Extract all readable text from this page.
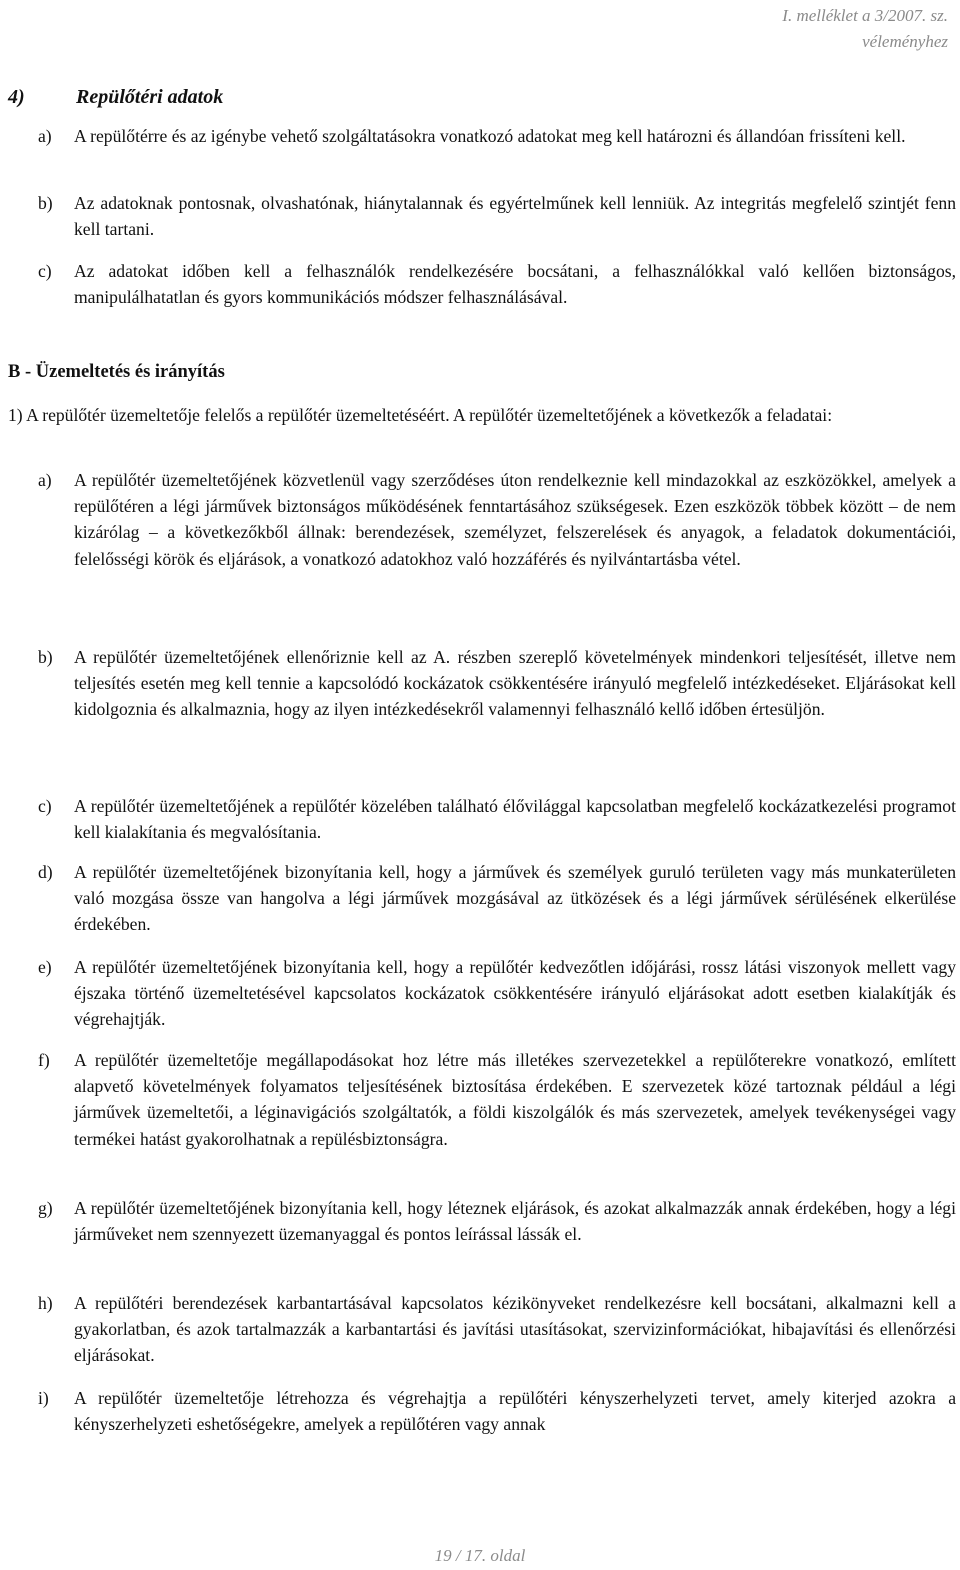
I. melléklet a 3/2007. sz.
véleményhez
4)	Repülőtéri adatok
a) A repülőtérre és az igénybe vehető szolgáltatásokra vonatkozó adatokat meg kell határozni és állandóan frissíteni kell.
b) Az adatoknak pontosnak, olvashatónak, hiánytalannak és egyértelműnek kell lenniük. Az integritás megfelelő szintjét fenn kell tartani.
c) Az adatokat időben kell a felhasználók rendelkezésére bocsátani, a felhasználókkal való kellően biztonságos, manipulálhatatlan és gyors kommunikációs módszer felhasználásával.
B - Üzemeltetés és irányítás
1) A repülőtér üzemeltetője felelős a repülőtér üzemeltetéséért. A repülőtér üzemeltetőjének a következők a feladatai:
a) A repülőtér üzemeltetőjének közvetlenül vagy szerződéses úton rendelkeznie kell mindazokkal az eszközökkel, amelyek a repülőtéren a légi járművek biztonságos működésének fenntartásához szükségesek. Ezen eszközök többek között – de nem kizárólag – a következőkből állnak: berendezések, személyzet, felszerelések és anyagok, a feladatok dokumentációi, felelősségi körök és eljárások, a vonatkozó adatokhoz való hozzáférés és nyilvántartásba vétel.
b) A repülőtér üzemeltetőjének ellenőriznie kell az A. részben szereplő követelmények mindenkori teljesítését, illetve nem teljesítés esetén meg kell tennie a kapcsolódó kockázatok csökkentésére irányuló megfelelő intézkedéseket. Eljárásokat kell kidolgoznia és alkalmaznia, hogy az ilyen intézkedésekről valamennyi felhasználó kellő időben értesüljön.
c) A repülőtér üzemeltetőjének a repülőtér közelében található élővilággal kapcsolatban megfelelő kockázatkezelési programot kell kialakítania és megvalósítania.
d) A repülőtér üzemeltetőjének bizonyítania kell, hogy a járművek és személyek guruló területen vagy más munkaterületen való mozgása össze van hangolva a légi járművek mozgásával az ütközések és a légi járművek sérülésének elkerülése érdekében.
e) A repülőtér üzemeltetőjének bizonyítania kell, hogy a repülőtér kedvezőtlen időjárási, rossz látási viszonyok mellett vagy éjszaka történő üzemeltetésével kapcsolatos kockázatok csökkentésére irányuló eljárásokat adott esetben kialakítják és végrehajtják.
f) A repülőtér üzemeltetője megállapodásokat hoz létre más illetékes szervezetekkel a repülőterekre vonatkozó, említett alapvető követelmények folyamatos teljesítésének biztosítása érdekében. E szervezetek közé tartoznak például a légi járművek üzemeltetői, a léginavigációs szolgáltatók, a földi kiszolgálók és más szervezetek, amelyek tevékenységei vagy termékei hatást gyakorolhatnak a repülésbiztonságra.
g) A repülőtér üzemeltetőjének bizonyítania kell, hogy léteznek eljárások, és azokat alkalmazzák annak érdekében, hogy a légi járműveket nem szennyezett üzemanyaggal és pontos leírással lássák el.
h) A repülőtéri berendezések karbantartásával kapcsolatos kézikönyveket rendelkezésre kell bocsátani, alkalmazni kell a gyakorlatban, és azok tartalmazzák a karbantartási és javítási utasításokat, szervizinformációkat, hibajavítási és ellenőrzési eljárásokat.
i) A repülőtér üzemeltetője létrehozza és végrehajtja a repülőtéri kényszerhelyzeti tervet, amely kiterjed azokra a kényszerhelyzeti eshetőségekre, amelyek a repülőtéren vagy annak
19 / 17. oldal
